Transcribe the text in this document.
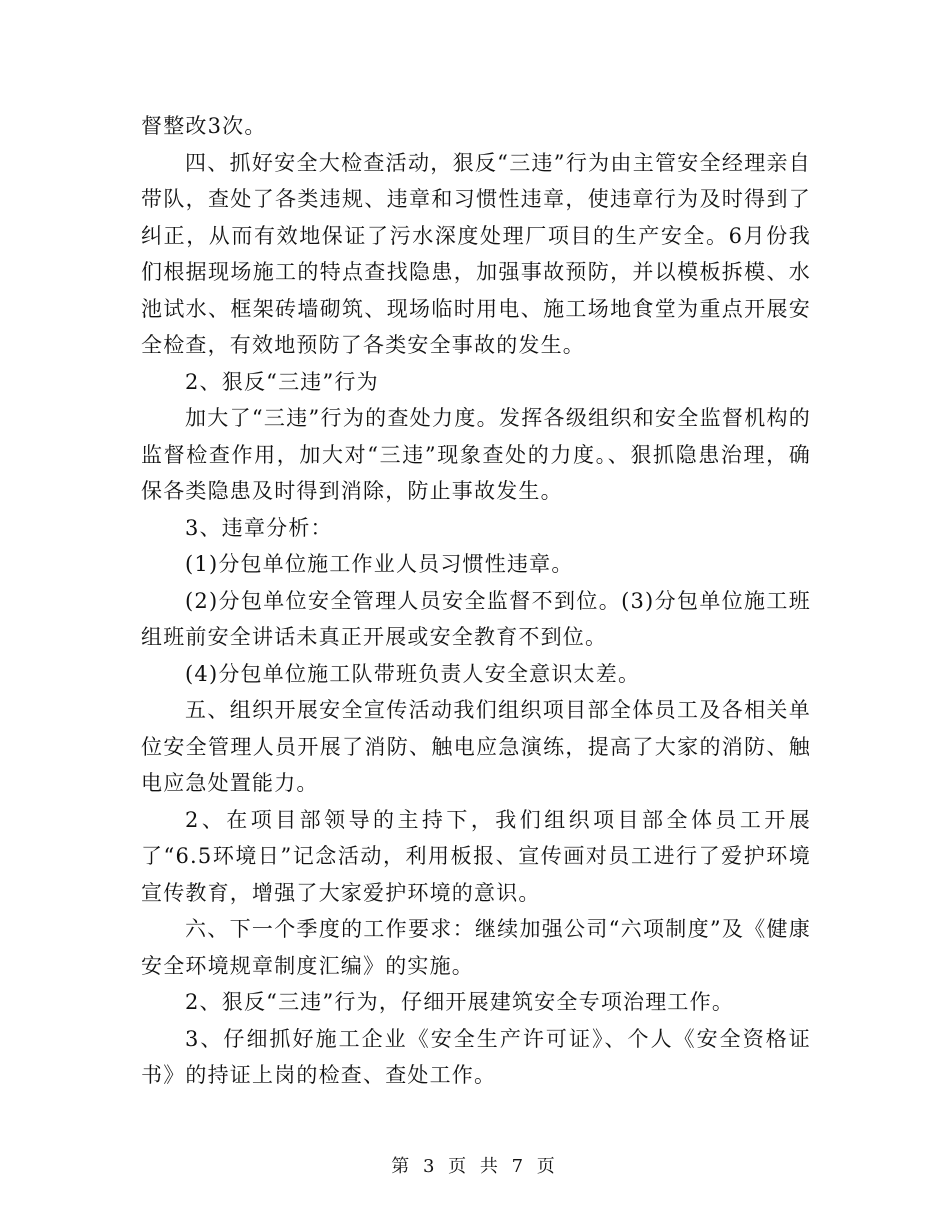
督整改3次。

四、抓好安全大检查活动，狠反“三违”行为由主管安全经理亲自带队，查处了各类违规、违章和习惯性违章，使违章行为及时得到了纠正，从而有效地保证了污水深度处理厂项目的生产安全。6月份我们根据现场施工的特点查找隐患，加强事故预防，并以模板拆模、水池试水、框架砖墙砌筑、现场临时用电、施工场地食堂为重点开展安全检查，有效地预防了各类安全事故的发生。

2、狠反“三违”行为

加大了“三违”行为的查处力度。发挥各级组织和安全监督机构的监督检查作用，加大对“三违”现象查处的力度。、狠抓隐患治理，确保各类隐患及时得到消除，防止事故发生。

3、违章分析：

(1)分包单位施工作业人员习惯性违章。

(2)分包单位安全管理人员安全监督不到位。(3)分包单位施工班组班前安全讲话未真正开展或安全教育不到位。

(4)分包单位施工队带班负责人安全意识太差。

五、组织开展安全宣传活动我们组织项目部全体员工及各相关单位安全管理人员开展了消防、触电应急演练，提高了大家的消防、触电应急处置能力。

2、在项目部领导的主持下，我们组织项目部全体员工开展了“6.5环境日”记念活动，利用板报、宣传画对员工进行了爱护环境宣传教育，增强了大家爱护环境的意识。

六、下一个季度的工作要求：继续加强公司“六项制度”及《健康安全环境规章制度汇编》的实施。

2、狠反“三违”行为，仔细开展建筑安全专项治理工作。

3、仔细抓好施工企业《安全生产许可证》、个人《安全资格证书》的持证上岗的检查、查处工作。

第 3 页 共 7 页
